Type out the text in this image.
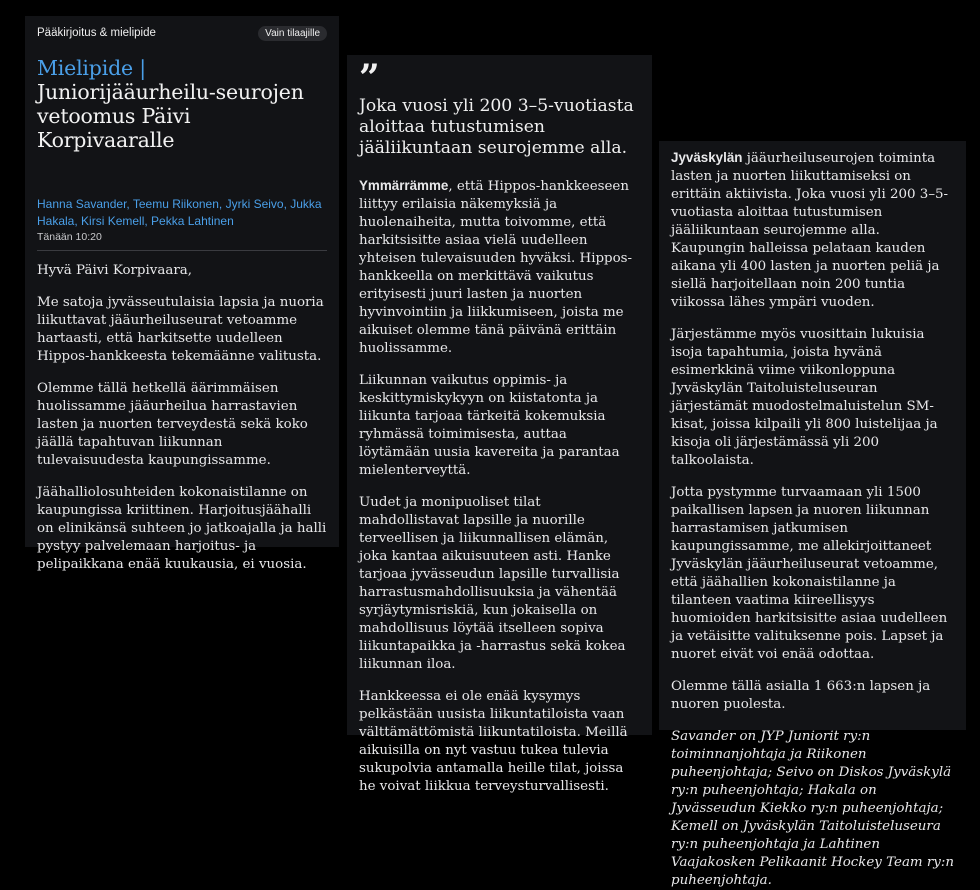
Pääkirjoitus & mielipide	Vain tilaajille
Mielipide | Juniorijääurheilu-seurojen vetoomus Päivi Korpivaaralle
Hanna Savander, Teemu Riikonen, Jyrki Seivo, Jukka Hakala, Kirsi Kemell, Pekka Lahtinen
Tänään 10:20

Hyvä Päivi Korpivaara,

Me satoja jyvässeutulaisia lapsia ja nuoria liikuttavat jääurheiluseurat vetoamme hartaasti, että harkitsette uudelleen Hippos-hankkeesta tekemäänne valitusta.

Olemme tällä hetkellä äärimmäisen huolissamme jääurheilua harrastavien lasten ja nuorten terveydestä sekä koko jäällä tapahtuvan liikunnan tulevaisuudesta kaupungissamme.

Jäähalliolosuhteiden kokonaistilanne on kaupungissa kriittinen. Harjoitusjäähalli on elinikänsä suhteen jo jatkoajalla ja halli pystyy palvelemaan harjoitus- ja pelipaikkana enää kuukausia, ei vuosia.

”
Joka vuosi yli 200 3–5-vuotiasta aloittaa tutustumisen jääliikuntaan seurojemme alla.

Ymmärrämme, että Hippos-hankkeeseen liittyy erilaisia näkemyksiä ja huolenaiheita, mutta toivomme, että harkitsisitte asiaa vielä uudelleen yhteisen tulevaisuuden hyväksi. Hippos-hankkeella on merkittävä vaikutus erityisesti juuri lasten ja nuorten hyvinvointiin ja liikkumiseen, joista me aikuiset olemme tänä päivänä erittäin huolissamme.

Liikunnan vaikutus oppimis- ja keskittymiskykyyn on kiistatonta ja liikunta tarjoaa tärkeitä kokemuksia ryhmässä toimimisesta, auttaa löytämään uusia kavereita ja parantaa mielenterveyttä.

Uudet ja monipuoliset tilat mahdollistavat lapsille ja nuorille terveellisen ja liikunnallisen elämän, joka kantaa aikuisuuteen asti. Hanke tarjoaa jyvässeudun lapsille turvallisia harrastusmahdollisuuksia ja vähentää syrjäytymisriskiä, kun jokaisella on mahdollisuus löytää itselleen sopiva liikuntapaikka ja -harrastus sekä kokea liikunnan iloa.

Hankkeessa ei ole enää kysymys pelkästään uusista liikuntatiloista vaan välttämättömistä liikuntatiloista. Meillä aikuisilla on nyt vastuu tukea tulevia sukupolvia antamalla heille tilat, joissa he voivat liikkua terveysturvallisesti.

Jyväskylän jääurheiluseurojen toiminta lasten ja nuorten liikuttamiseksi on erittäin aktiivista. Joka vuosi yli 200 3–5-vuotiasta aloittaa tutustumisen jääliikuntaan seurojemme alla. Kaupungin halleissa pelataan kauden aikana yli 400 lasten ja nuorten peliä ja siellä harjoitellaan noin 200 tuntia viikossa lähes ympäri vuoden.

Järjestämme myös vuosittain lukuisia isoja tapahtumia, joista hyvänä esimerkkinä viime viikonloppuna Jyväskylän Taitoluisteluseuran järjestämät muodostelmaluistelun SM-kisat, joissa kilpaili yli 800 luistelijaa ja kisoja oli järjestämässä yli 200 talkoolaista.

Jotta pystymme turvaamaan yli 1500 paikallisen lapsen ja nuoren liikunnan harrastamisen jatkumisen kaupungissamme, me allekirjoittaneet Jyväskylän jääurheiluseurat vetoamme, että jäähallien kokonaistilanne ja tilanteen vaatima kiireellisyys huomioiden harkitsisitte asiaa uudelleen ja vetäisitte valituksenne pois. Lapset ja nuoret eivät voi enää odottaa.

Olemme tällä asialla 1 663:n lapsen ja nuoren puolesta.

Savander on JYP Juniorit ry:n toiminnanjohtaja ja Riikonen puheenjohtaja; Seivo on Diskos Jyväskylä ry:n puheenjohtaja; Hakala on Jyvässeudun Kiekko ry:n puheenjohtaja; Kemell on Jyväskylän Taitoluisteluseura ry:n puheenjohtaja ja Lahtinen Vaajakosken Pelikaanit Hockey Team ry:n puheenjohtaja.
